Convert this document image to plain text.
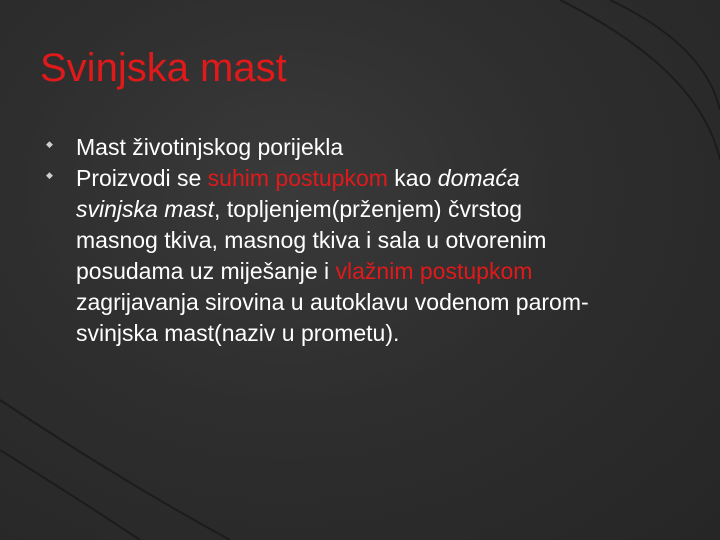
Svinjska mast
◆ Mast životinjskog porijekla
◆ Proizvodi se suhim postupkom kao domaća svinjska mast, topljenjem(prženjem) čvrstog masnog tkiva, masnog tkiva i sala u otvorenim posudama uz miješanje i vlažnim postupkom zagrijavanja sirovina u autoklavu vodenom parom- svinjska mast(naziv u prometu).
